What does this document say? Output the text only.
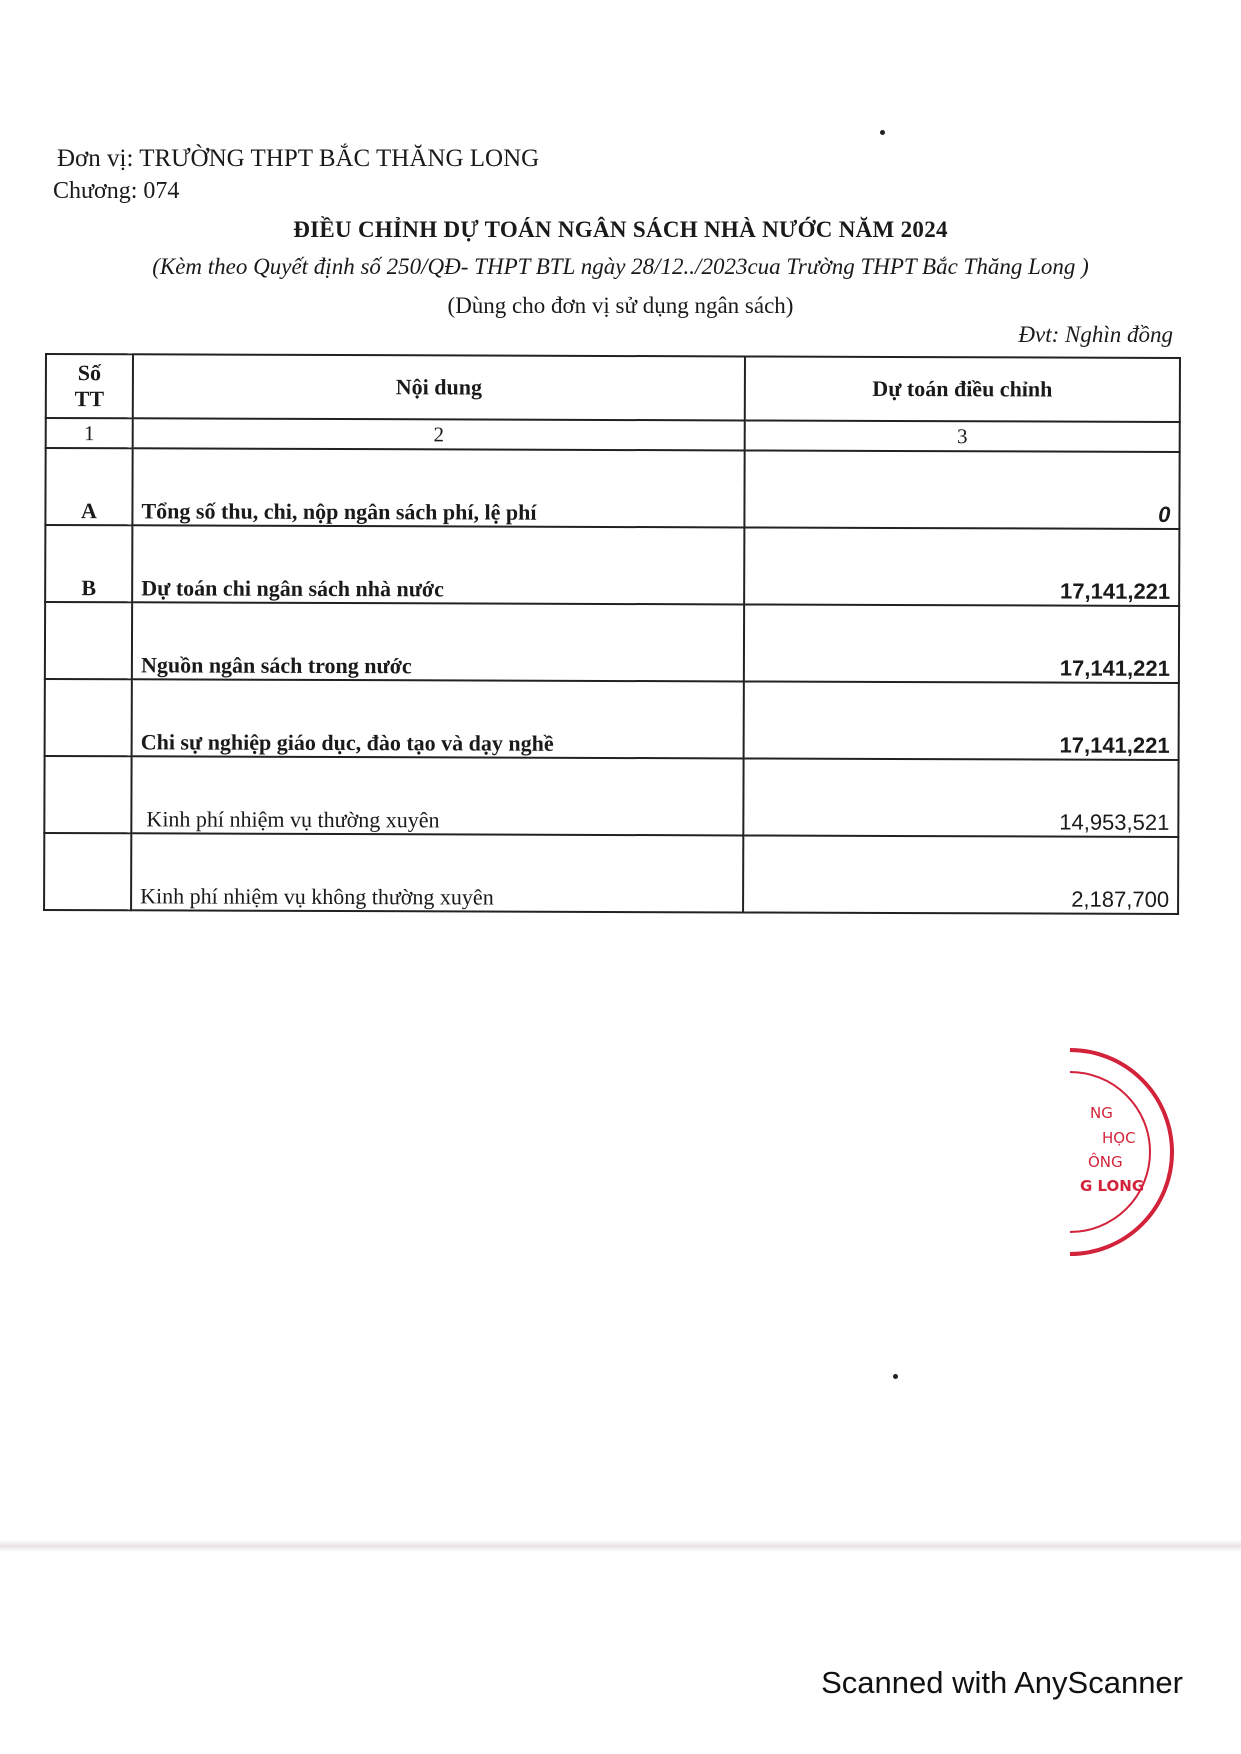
Đơn vị: TRƯỜNG THPT BẮC THĂNG LONG
Chương: 074
ĐIỀU CHỈNH DỰ TOÁN NGÂN SÁCH NHÀ NƯỚC NĂM 2024
(Kèm theo Quyết định số 250/QĐ- THPT BTL ngày 28/12../2023cua Trường THPT Bắc Thăng Long )
(Dùng cho đơn vị sử dụng ngân sách)
Đvt: Nghìn đồng
Số
TT	Nội dung	Dự toán điều chỉnh
1	2	3
A	Tổng số thu, chi, nộp ngân sách phí, lệ phí	0
B	Dự toán chi ngân sách nhà nước	17,141,221
	Nguồn ngân sách trong nước	17,141,221
	Chi sự nghiệp giáo dục, đào tạo và dạy nghề	17,141,221
	Kinh phí nhiệm vụ thường xuyên	14,953,521
	Kinh phí nhiệm vụ không thường xuyên	2,187,700
NG
HỌC
ÔNG
G LONG
Scanned with AnyScanner
